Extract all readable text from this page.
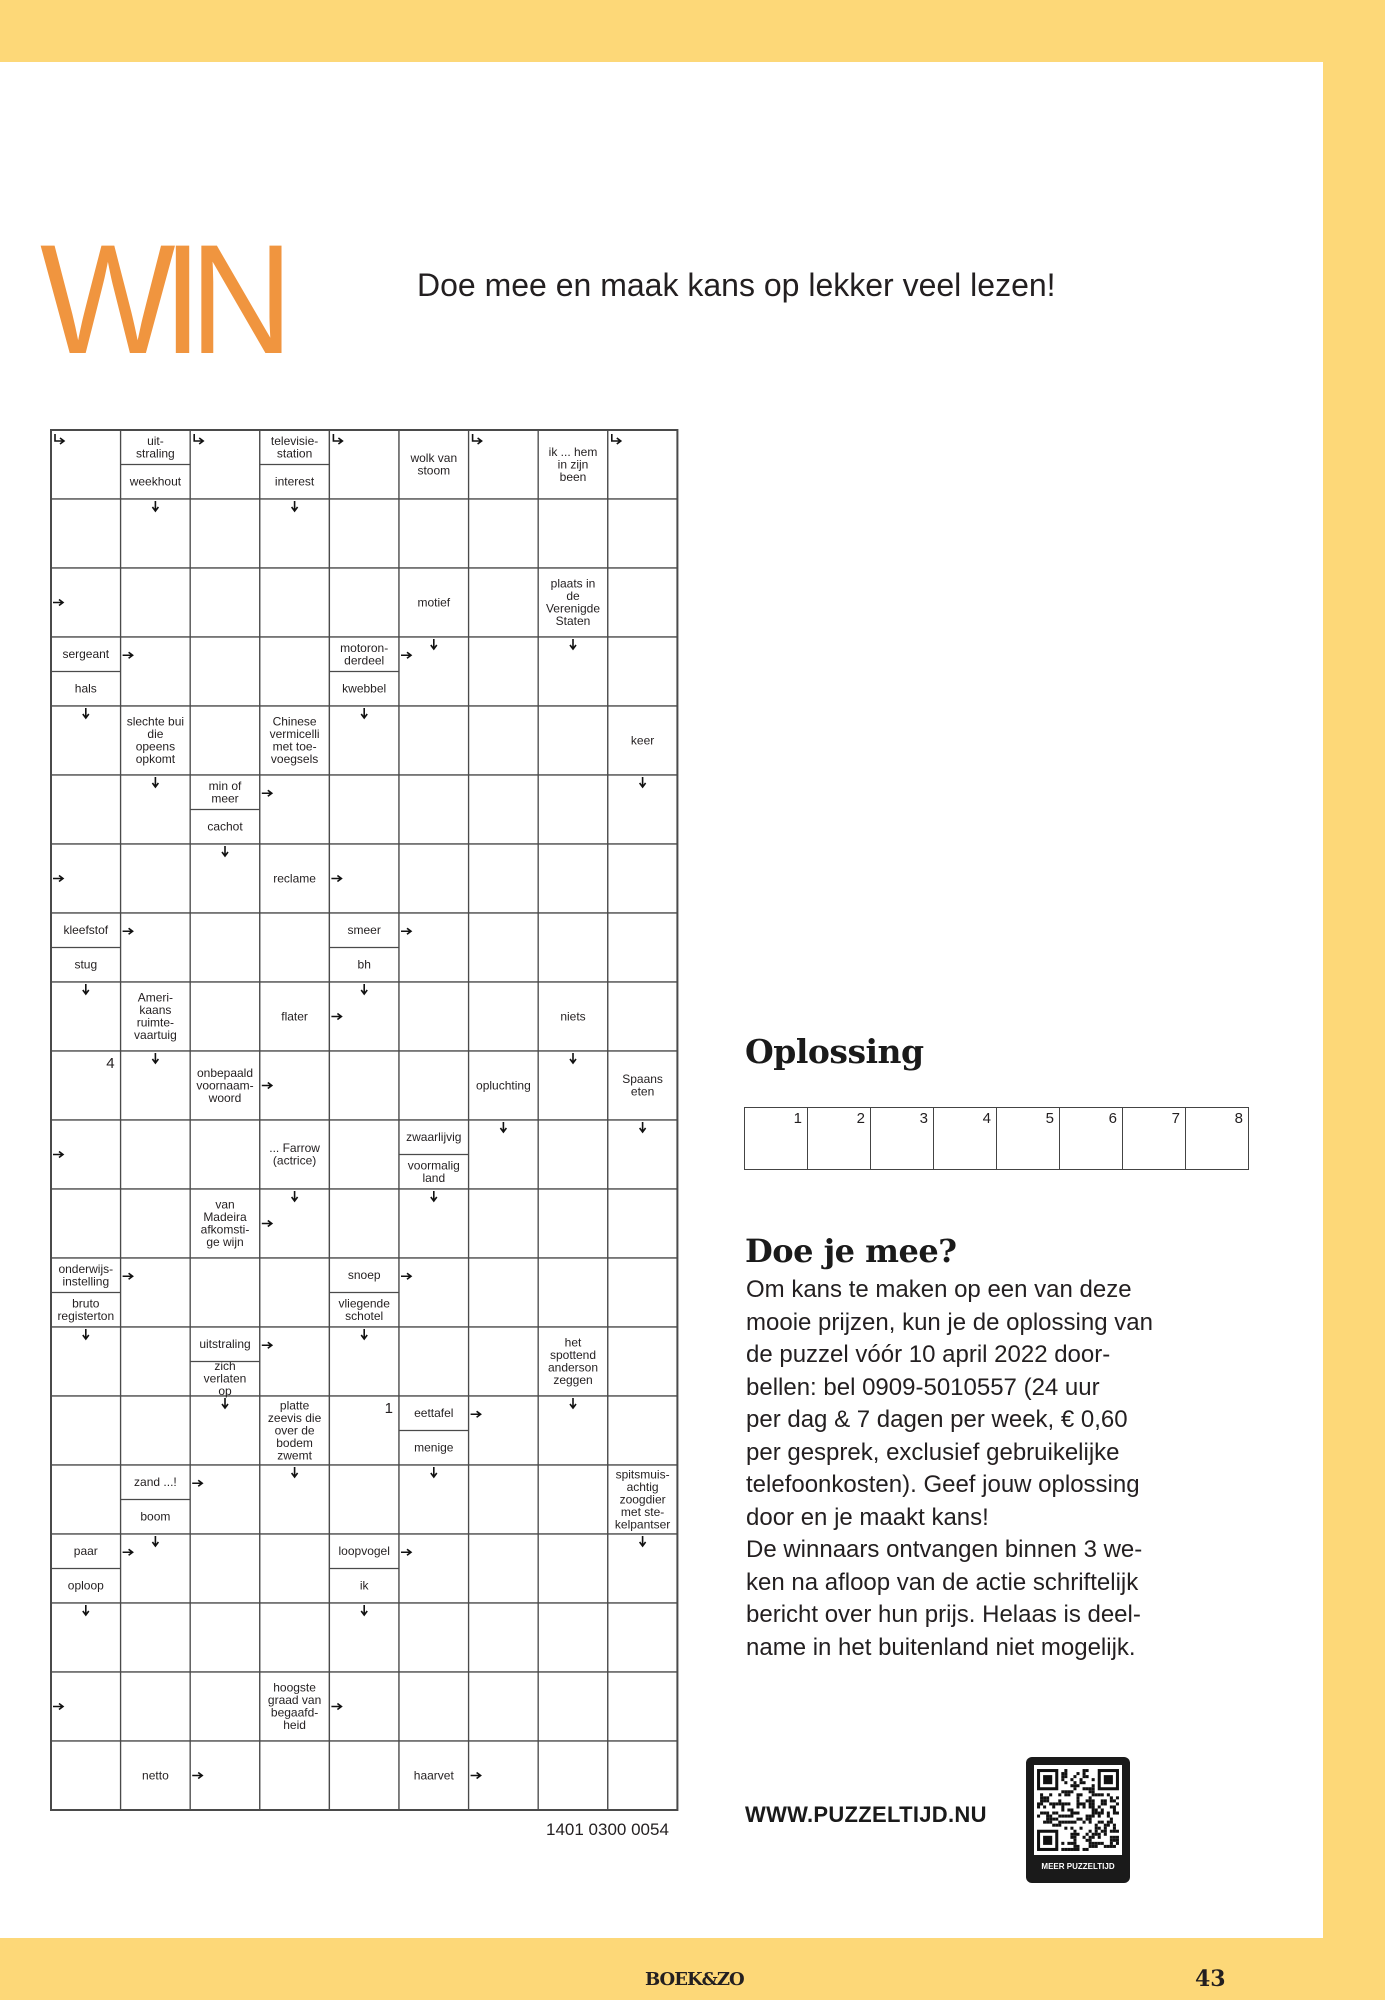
WIN	Doe mee en maak kans op lekker veel lezen!
uit-
straling
weekhout
televisie-
station
interest
wolk van
stoom
ik ... hem
in zijn
been
motief
plaats in
de
Verenigde
Staten
sergeant
hals
motoron-
derdeel
kwebbel
slechte bui
die
opeens
opkomt
Chinese
vermicelli
met toe-
voegsels
keer
min of
meer
cachot
reclame
kleefstof
stug
smeer
bh
Ameri-
kaans
ruimte-
vaartuig
flater	niets
onbepaald
voornaam-
woord
opluchting	Spaans
eten
... Farrow
(actrice)
zwaarlijvig
voormalig
land
van
Madeira
afkomsti-
ge wijn
onderwijs-
instelling
bruto
registerton
snoep
vliegende
schotel
uitstraling
zich
verlaten
op
het
spottend
anderson
zeggen
platte
zeevis die
over de
bodem
zwemt
eettafel
menige
zand ...!
boom
spitsmuis-
achtig
zoogdier
met ste-
kelpantser
paar
oploop
loopvogel
ik
hoogste
graad van
begaafd-
heid
netto	haarvet
4
1
1401 0300 0054
Oplossing
1	2	3	4	5	6	7	8
Doe je mee?

Om kans te maken op een van deze

mooie prijzen, kun je de oplossing van

de puzzel vóór 10 april 2022 door-

bellen: bel 0909-5010557 (24 uur

per dag & 7 dagen per week, € 0,60

per gesprek, exclusief gebruikelijke

telefoonkosten). Geef jouw oplossing

door en je maakt kans!

De winnaars ontvangen binnen 3 we-

ken na afloop van de actie schriftelijk

bericht over hun prijs. Helaas is deel-

name in het buitenland niet mogelijk.

WWW.PUZZELTIJD.NU
MEER PUZZELTIJD
BOEK&ZO	43
